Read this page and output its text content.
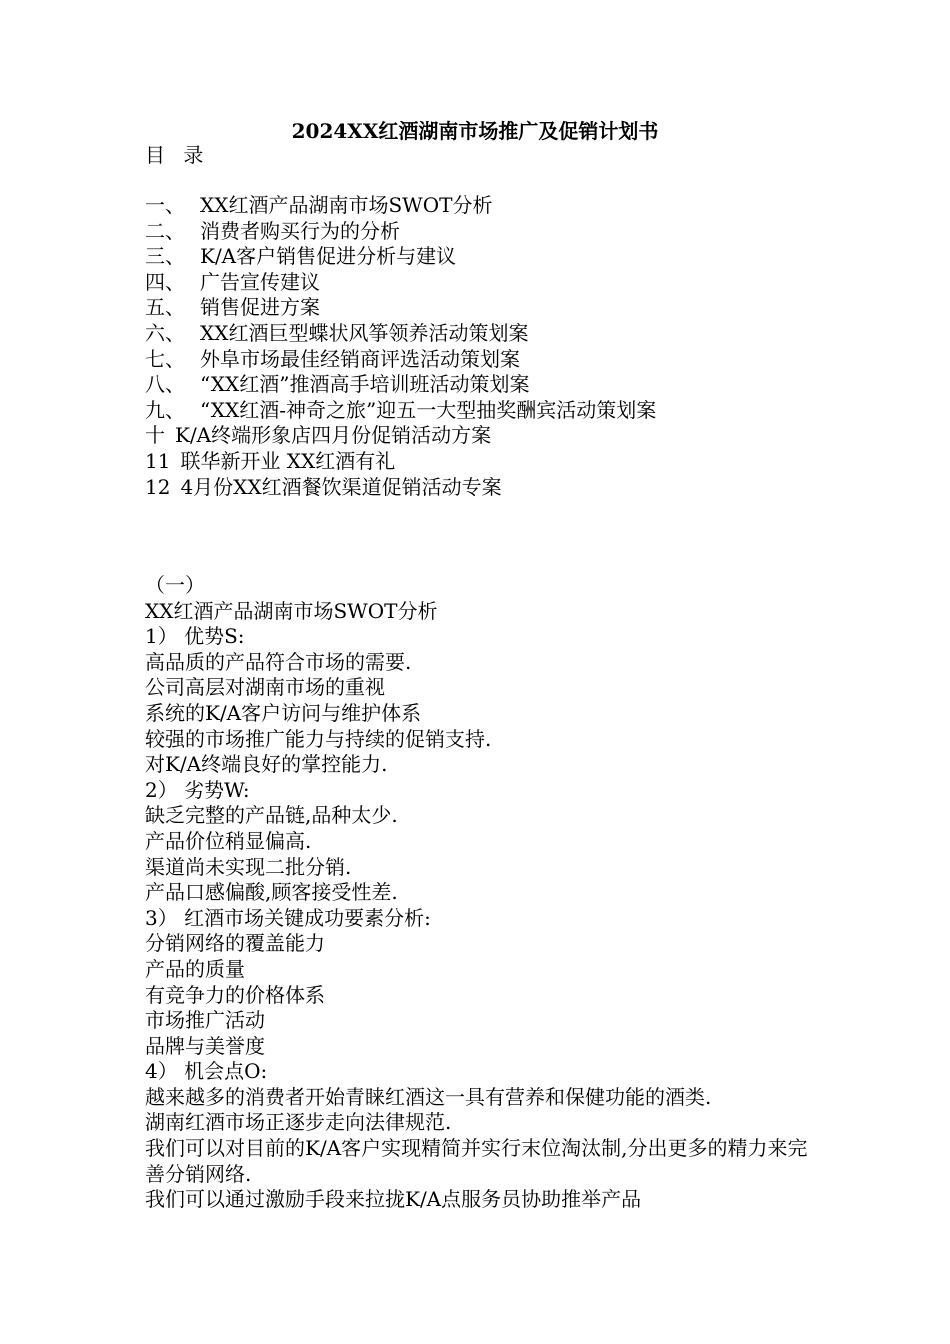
2024XX红酒湖南市场推广及促销计划书
目 录
一、 XX红酒产品湖南市场SWOT分析
二、 消费者购买行为的分析
三、 K/A客户销售促进分析与建议
四、 广告宣传建议
五、 销售促进方案
六、 XX红酒巨型蝶状风筝领养活动策划案
七、 外阜市场最佳经销商评选活动策划案
八、 “XX红酒”推酒高手培训班活动策划案
九、 “XX红酒-神奇之旅”迎五一大型抽奖酬宾活动策划案
十 K/A终端形象店四月份促销活动方案
11 联华新开业 XX红酒有礼
12 4月份XX红酒餐饮渠道促销活动专案

（一）

XX红酒产品湖南市场SWOT分析

1） 优势S:

高品质的产品符合市场的需要.

公司高层对湖南市场的重视

系统的K/A客户访问与维护体系

较强的市场推广能力与持续的促销支持.

对K/A终端良好的掌控能力.

2） 劣势W:

缺乏完整的产品链,品种太少.

产品价位稍显偏高.

渠道尚未实现二批分销.

产品口感偏酸,顾客接受性差.

3） 红酒市场关键成功要素分析:

分销网络的覆盖能力

产品的质量

有竞争力的价格体系

市场推广活动

品牌与美誉度

4） 机会点O:

越来越多的消费者开始青睐红酒这一具有营养和保健功能的酒类.

湖南红酒市场正逐步走向法律规范.

我们可以对目前的K/A客户实现精简并实行末位淘汰制,分出更多的精力来完善分销网络.

我们可以通过激励手段来拉拢K/A点服务员协助推举产品
